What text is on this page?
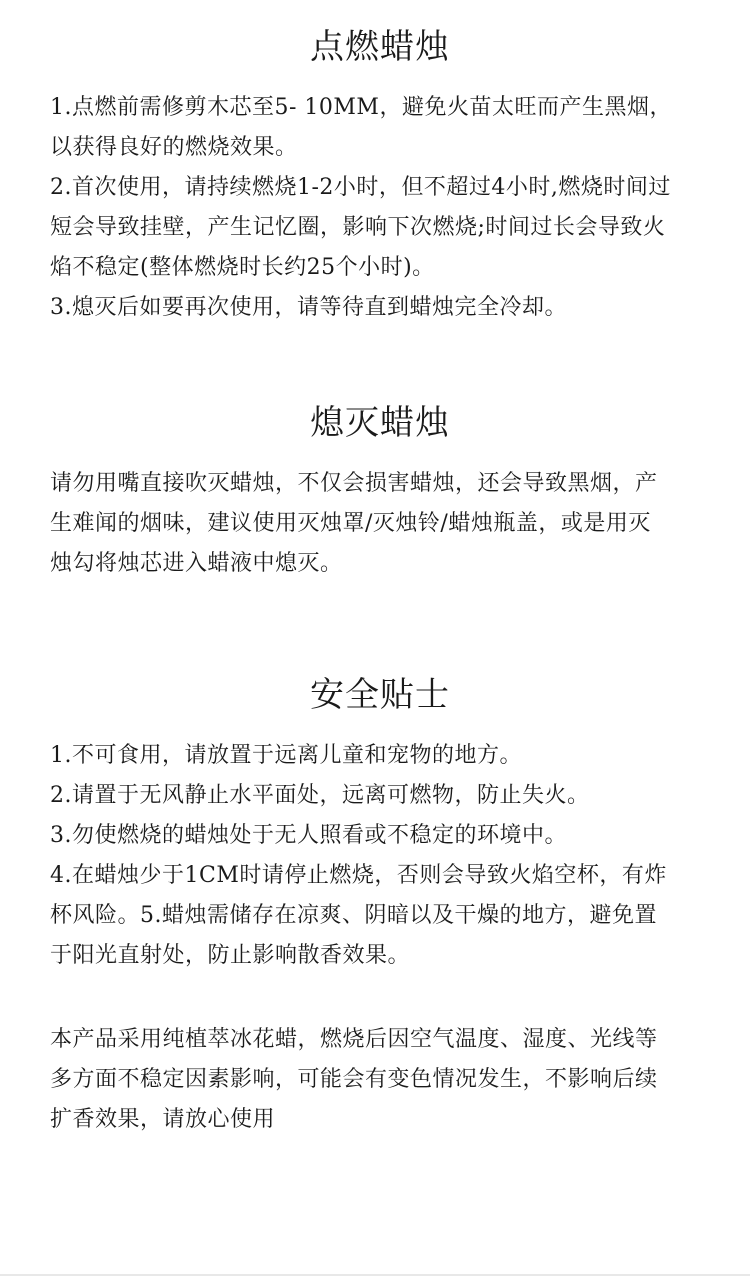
点燃蜡烛

1.点燃前需修剪木芯至5- 10MM，避免火苗太旺而产生黑烟，

以获得良好的燃烧效果。

2.首次使用，请持续燃烧1-2小时，但不超过4小时,燃烧时间过

短会导致挂壁，产生记忆圈，影响下次燃烧;时间过长会导致火

焰不稳定(整体燃烧时长约25个小时)。

3.熄灭后如要再次使用，请等待直到蜡烛完全冷却。

熄灭蜡烛

请勿用嘴直接吹灭蜡烛，不仅会损害蜡烛，还会导致黑烟，产

生难闻的烟味，建议使用灭烛罩/灭烛铃/蜡烛瓶盖，或是用灭

烛勾将烛芯进入蜡液中熄灭。

安全贴士

1.不可食用，请放置于远离儿童和宠物的地方。

2.请置于无风静止水平面处，远离可燃物，防止失火。

3.勿使燃烧的蜡烛处于无人照看或不稳定的环境中。

4.在蜡烛少于1CM时请停止燃烧，否则会导致火焰空杯，有炸

杯风险。5.蜡烛需储存在凉爽、阴暗以及干燥的地方，避免置

于阳光直射处，防止影响散香效果。

本产品采用纯植萃冰花蜡，燃烧后因空气温度、湿度、光线等

多方面不稳定因素影响，可能会有变色情况发生，不影响后续

扩香效果，请放心使用
